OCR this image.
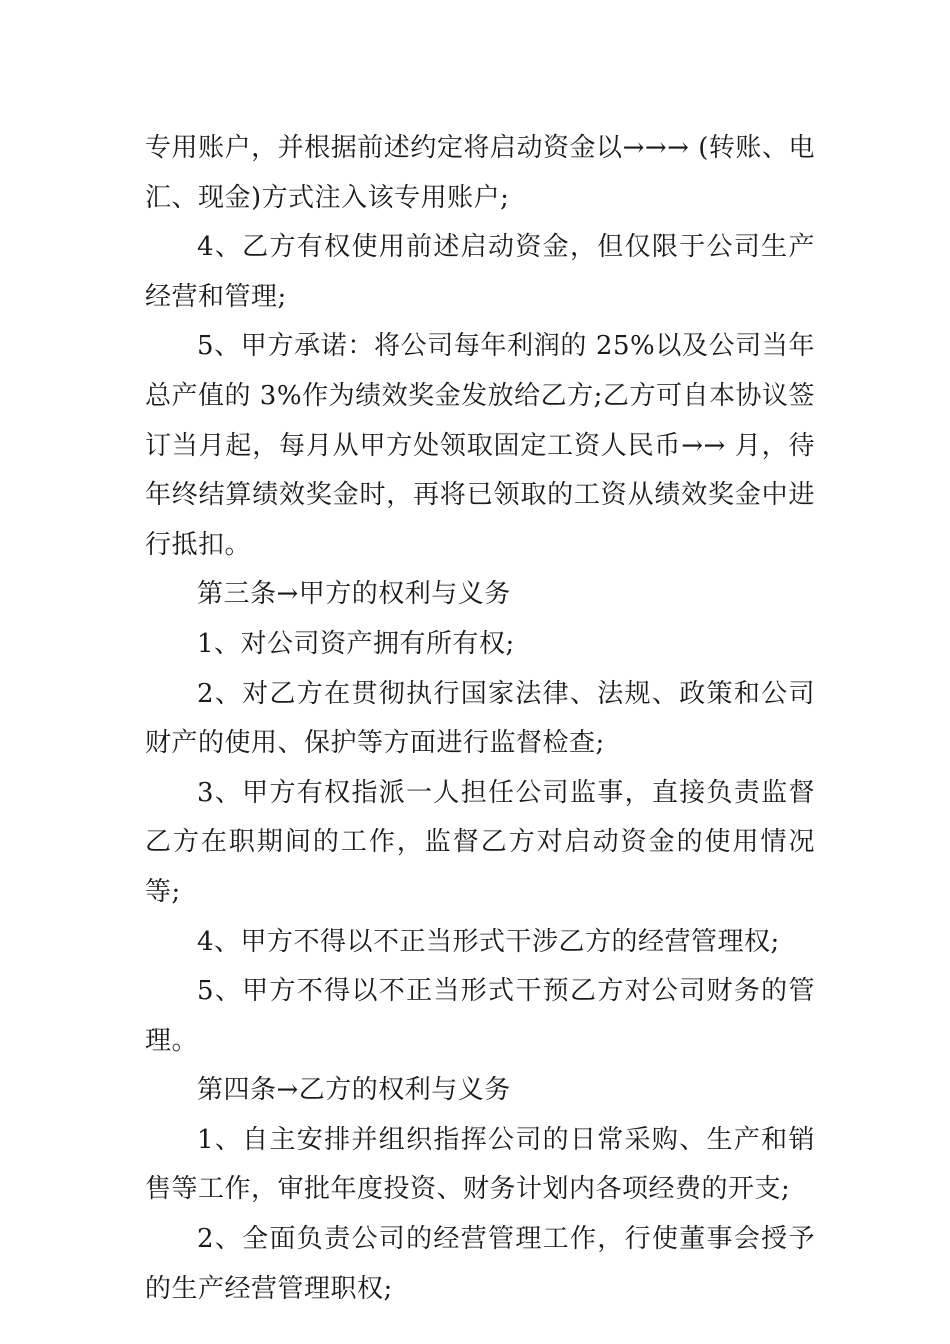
专用账户，并根据前述约定将启动资金以→→→ (转账、电汇、现金)方式注入该专用账户;

4、乙方有权使用前述启动资金，但仅限于公司生产经营和管理;

5、甲方承诺：将公司每年利润的 25%以及公司当年总产值的 3%作为绩效奖金发放给乙方;乙方可自本协议签订当月起，每月从甲方处领取固定工资人民币→→ 月，待年终结算绩效奖金时，再将已领取的工资从绩效奖金中进行抵扣。

第三条→甲方的权利与义务

1、对公司资产拥有所有权;

2、对乙方在贯彻执行国家法律、法规、政策和公司财产的使用、保护等方面进行监督检查;

3、甲方有权指派一人担任公司监事，直接负责监督乙方在职期间的工作，监督乙方对启动资金的使用情况等;

4、甲方不得以不正当形式干涉乙方的经营管理权;

5、甲方不得以不正当形式干预乙方对公司财务的管理。

第四条→乙方的权利与义务

1、自主安排并组织指挥公司的日常采购、生产和销售等工作，审批年度投资、财务计划内各项经费的开支;

2、全面负责公司的经营管理工作，行使董事会授予的生产经营管理职权;
